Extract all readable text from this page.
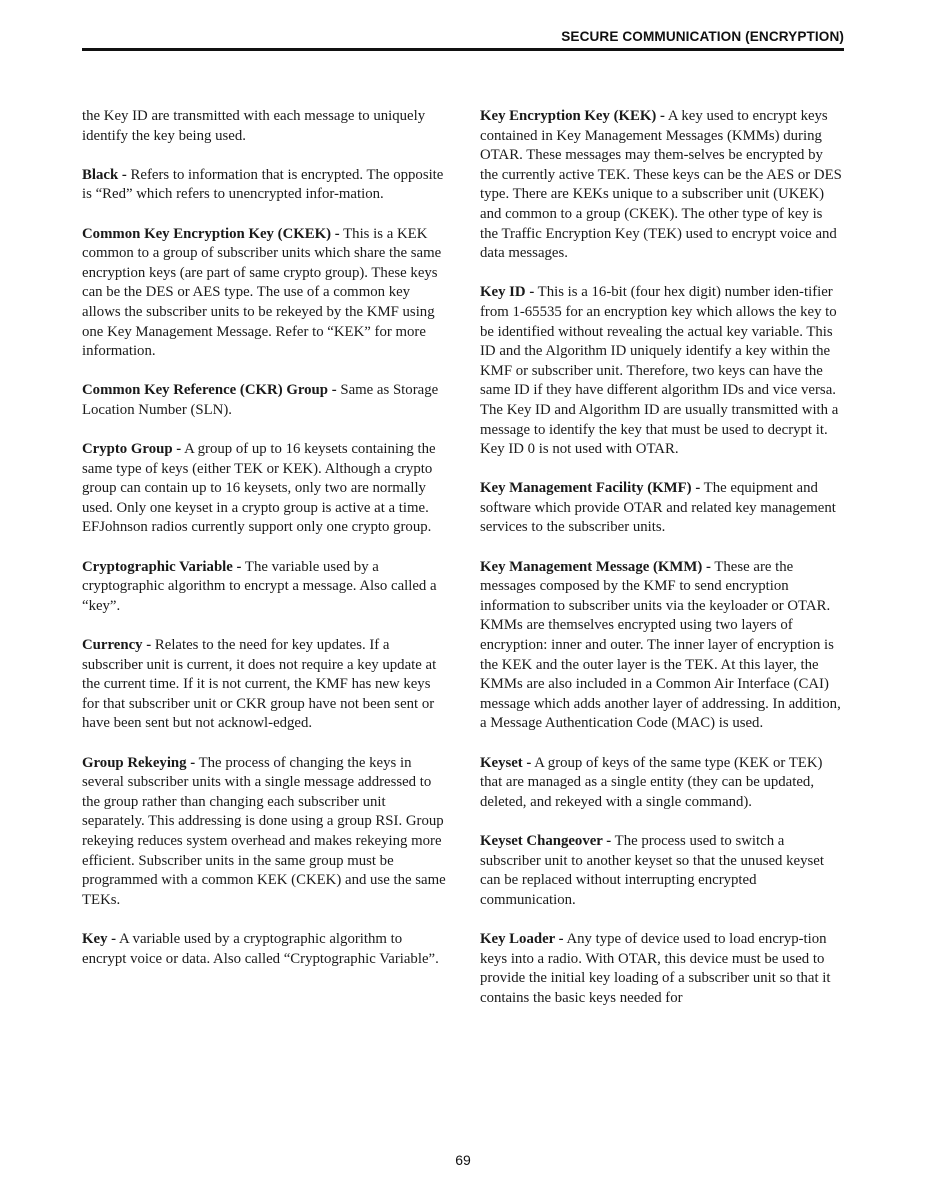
SECURE COMMUNICATION (ENCRYPTION)

the Key ID are transmitted with each message to uniquely identify the key being used.

Black - Refers to information that is encrypted. The opposite is “Red” which refers to unencrypted infor-mation.

Common Key Encryption Key (CKEK) - This is a KEK common to a group of subscriber units which share the same encryption keys (are part of same crypto group). These keys can be the DES or AES type. The use of a common key allows the subscriber units to be rekeyed by the KMF using one Key Management Message. Refer to “KEK” for more information.

Common Key Reference (CKR) Group - Same as Storage Location Number (SLN).

Crypto Group - A group of up to 16 keysets containing the same type of keys (either TEK or KEK). Although a crypto group can contain up to 16 keysets, only two are normally used. Only one keyset in a crypto group is active at a time. EFJohnson radios currently support only one crypto group.

Cryptographic Variable - The variable used by a cryptographic algorithm to encrypt a message. Also called a “key”.

Currency - Relates to the need for key updates. If a subscriber unit is current, it does not require a key update at the current time. If it is not current, the KMF has new keys for that subscriber unit or CKR group have not been sent or have been sent but not acknowl-edged.

Group Rekeying - The process of changing the keys in several subscriber units with a single message addressed to the group rather than changing each subscriber unit separately. This addressing is done using a group RSI. Group rekeying reduces system overhead and makes rekeying more efficient. Subscriber units in the same group must be programmed with a common KEK (CKEK) and use the same TEKs.

Key - A variable used by a cryptographic algorithm to encrypt voice or data. Also called “Cryptographic Variable”.

Key Encryption Key (KEK) - A key used to encrypt keys contained in Key Management Messages (KMMs) during OTAR. These messages may them-selves be encrypted by the currently active TEK. These keys can be the AES or DES type. There are KEKs unique to a subscriber unit (UKEK) and common to a group (CKEK). The other type of key is the Traffic Encryption Key (TEK) used to encrypt voice and data messages.

Key ID - This is a 16-bit (four hex digit) number iden-tifier from 1-65535 for an encryption key which allows the key to be identified without revealing the actual key variable. This ID and the Algorithm ID uniquely identify a key within the KMF or subscriber unit. Therefore, two keys can have the same ID if they have different algorithm IDs and vice versa. The Key ID and Algorithm ID are usually transmitted with a message to identify the key that must be used to decrypt it. Key ID 0 is not used with OTAR.

Key Management Facility (KMF) - The equipment and software which provide OTAR and related key management services to the subscriber units.

Key Management Message (KMM) - These are the messages composed by the KMF to send encryption information to subscriber units via the keyloader or OTAR. KMMs are themselves encrypted using two layers of encryption: inner and outer. The inner layer of encryption is the KEK and the outer layer is the TEK. At this layer, the KMMs are also included in a Common Air Interface (CAI) message which adds another layer of addressing. In addition, a Message Authentication Code (MAC) is used.

Keyset - A group of keys of the same type (KEK or TEK) that are managed as a single entity (they can be updated, deleted, and rekeyed with a single command).

Keyset Changeover - The process used to switch a subscriber unit to another keyset so that the unused keyset can be replaced without interrupting encrypted communication.

Key Loader - Any type of device used to load encryp-tion keys into a radio. With OTAR, this device must be used to provide the initial key loading of a subscriber unit so that it contains the basic keys needed for

69
